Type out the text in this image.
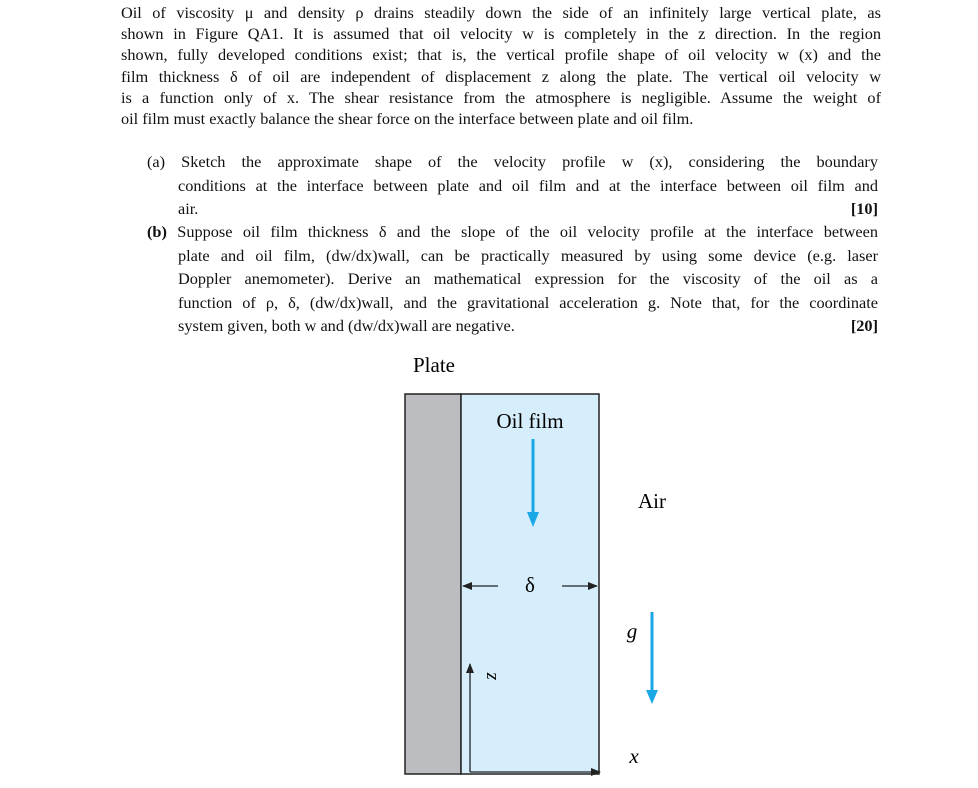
Oil of viscosity μ and density ρ drains steadily down the side of an infinitely large vertical plate, as
shown in Figure QA1. It is assumed that oil velocity w is completely in the z direction. In the region
shown, fully developed conditions exist; that is, the vertical profile shape of oil velocity w (x) and the
film thickness δ of oil are independent of displacement z along the plate. The vertical oil velocity w
is a function only of x. The shear resistance from the atmosphere is negligible. Assume the weight of
oil film must exactly balance the shear force on the interface between plate and oil film.
(a) Sketch the approximate shape of the velocity profile w (x), considering the boundary
conditions at the interface between plate and oil film and at the interface between oil film and
air.	[10]
(b) Suppose oil film thickness δ and the slope of the oil velocity profile at the interface between
plate and oil film, (dw/dx)wall, can be practically measured by using some device (e.g. laser
Doppler anemometer). Derive an mathematical expression for the viscosity of the oil as a
function of ρ, δ, (dw/dx)wall, and the gravitational acceleration g. Note that, for the coordinate
system given, both w and (dw/dx)wall are negative.	[20]
Plate
Oil film
Air
δ
g
z
x
